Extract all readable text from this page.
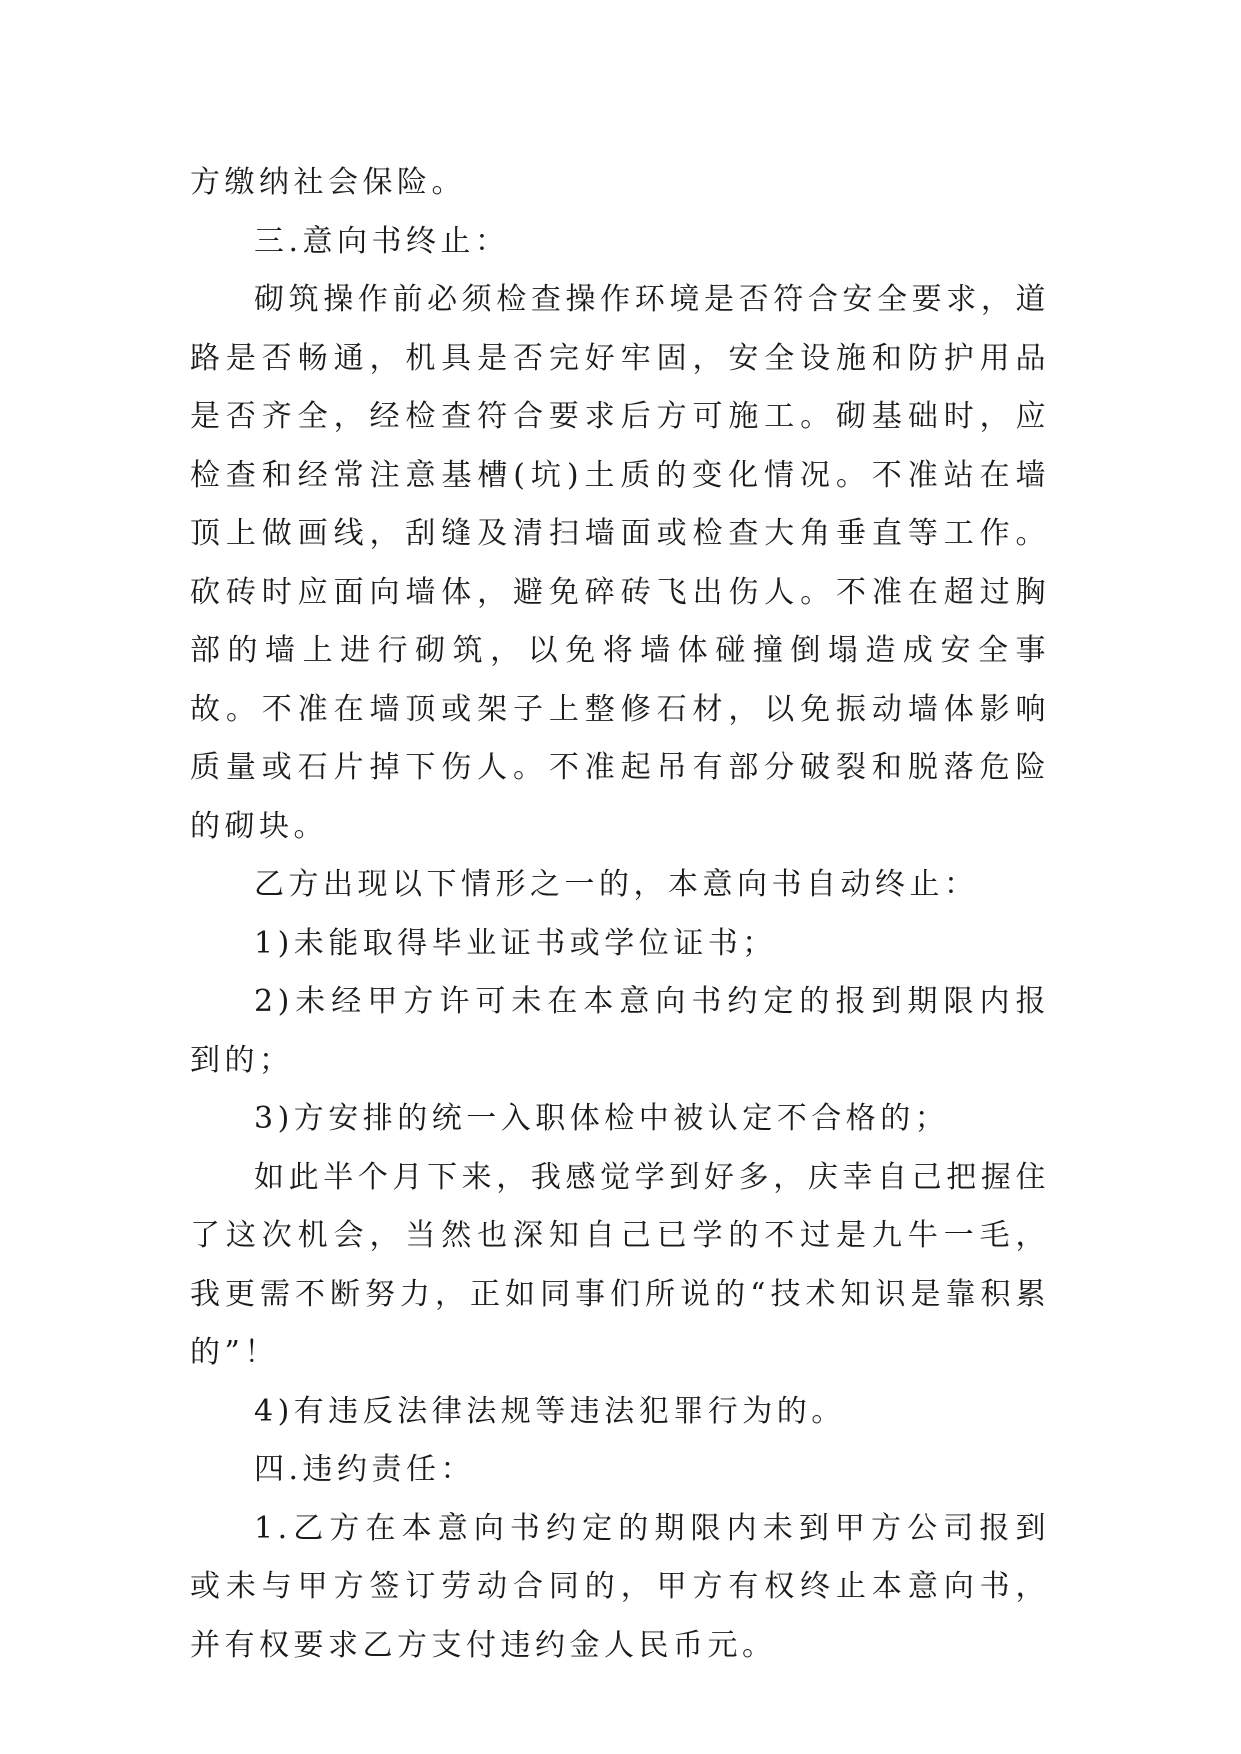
方缴纳社会保险。

三.意向书终止：

砌筑操作前必须检查操作环境是否符合安全要求，道路是否畅通，机具是否完好牢固，安全设施和防护用品是否齐全，经检查符合要求后方可施工。砌基础时，应检查和经常注意基槽(坑)土质的变化情况。不准站在墙顶上做画线，刮缝及清扫墙面或检查大角垂直等工作。砍砖时应面向墙体，避免碎砖飞出伤人。不准在超过胸部的墙上进行砌筑，以免将墙体碰撞倒塌造成安全事故。不准在墙顶或架子上整修石材，以免振动墙体影响质量或石片掉下伤人。不准起吊有部分破裂和脱落危险的砌块。

乙方出现以下情形之一的，本意向书自动终止：

1)未能取得毕业证书或学位证书；

2)未经甲方许可未在本意向书约定的报到期限内报到的；

3)方安排的统一入职体检中被认定不合格的；

如此半个月下来，我感觉学到好多，庆幸自己把握住了这次机会，当然也深知自己已学的不过是九牛一毛，我更需不断努力，正如同事们所说的“技术知识是靠积累的”！

4)有违反法律法规等违法犯罪行为的。

四.违约责任：

1.乙方在本意向书约定的期限内未到甲方公司报到或未与甲方签订劳动合同的，甲方有权终止本意向书，并有权要求乙方支付违约金人民币元。
